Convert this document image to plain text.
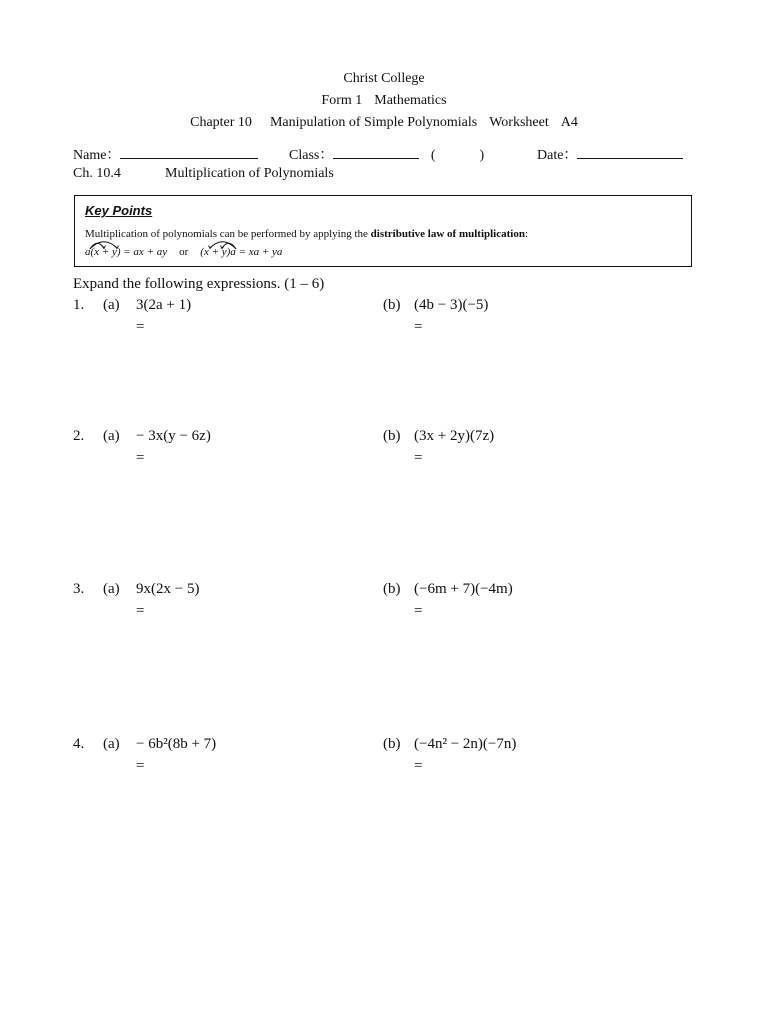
Christ College
Form 1 Mathematics
Chapter 10 Manipulation of Simple Polynomials Worksheet A4
Name：	Class：	(	)	Date：
Ch. 10.4	Multiplication of Polynomials
Key Points
Multiplication of polynomials can be performed by applying the distributive law of multiplication:
a(x + y) = ax + ay or (x + y)a = xa + ya
Expand the following expressions. (1 – 6)
1. (a) 3(2a + 1)
=
(b) (4b − 3)(−5)
=
2. (a) − 3x(y − 6z)
=
(b) (3x + 2y)(7z)
=
3. (a) 9x(2x − 5)
=
(b) (−6m + 7)(−4m)
=
4. (a) − 6b²(8b + 7)
=
(b) (−4n² − 2n)(−7n)
=
